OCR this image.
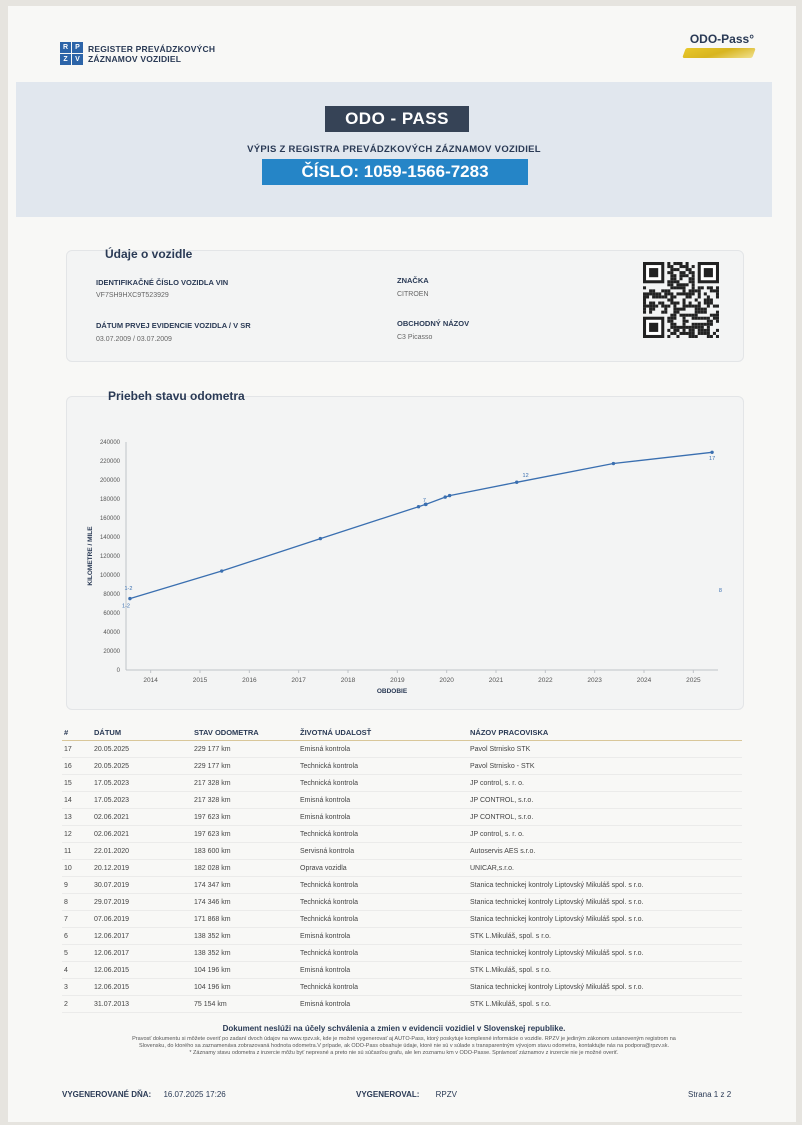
R	P
Z	V
REGISTER PREVÁDZKOVÝCH
ZÁZNAMOV VOZIDIEL
ODO-Pass°
ODO - PASS
VÝPIS Z REGISTRA PREVÁDZKOVÝCH ZÁZNAMOV VOZIDIEL
ČÍSLO: 1059-1566-7283
Údaje o vozidle
IDENTIFIKAČNÉ ČÍSLO VOZIDLA VIN
VF7SH9HXC9T523929
DÁTUM PRVEJ EVIDENCIE VOZIDLA / V SR
03.07.2009 / 03.07.2009
ZNAČKA
CITROEN
OBCHODNÝ NÁZOV
C3 Picasso
Priebeh stavu odometra
0
20000
40000
60000
80000
100000
120000
140000
160000
180000
200000
220000
240000
2014	2015	2016	2017	2018	2019	2020	2021	2022	2023	2024	2025
OBDOBIE
KILOMETRE / MILE
1-2
1-2
7
12
17
8
#	DÁTUM	STAV ODOMETRA	ŽIVOTNÁ UDALOSŤ	NÁZOV PRACOVISKA
17	20.05.2025	229 177 km	Emisná kontrola	Pavol Strnisko STK
16	20.05.2025	229 177 km	Technická kontrola	Pavol Strnisko - STK
15	17.05.2023	217 328 km	Technická kontrola	JP control, s. r. o.
14	17.05.2023	217 328 km	Emisná kontrola	JP CONTROL, s.r.o.
13	02.06.2021	197 623 km	Emisná kontrola	JP CONTROL, s.r.o.
12	02.06.2021	197 623 km	Technická kontrola	JP control, s. r. o.
11	22.01.2020	183 600 km	Servisná kontrola	Autoservis AES s.r.o.
10	20.12.2019	182 028 km	Oprava vozidla	UNICAR,s.r.o.
9	30.07.2019	174 347 km	Technická kontrola	Stanica technickej kontroly Liptovský Mikuláš spol. s r.o.
8	29.07.2019	174 346 km	Technická kontrola	Stanica technickej kontroly Liptovský Mikuláš spol. s r.o.
7	07.06.2019	171 868 km	Technická kontrola	Stanica technickej kontroly Liptovský Mikuláš spol. s r.o.
6	12.06.2017	138 352 km	Emisná kontrola	STK L.Mikuláš, spol. s r.o.
5	12.06.2017	138 352 km	Technická kontrola	Stanica technickej kontroly Liptovský Mikuláš spol. s r.o.
4	12.06.2015	104 196 km	Emisná kontrola	STK L.Mikuláš, spol. s r.o.
3	12.06.2015	104 196 km	Technická kontrola	Stanica technickej kontroly Liptovský Mikuláš spol. s r.o.
2	31.07.2013	75 154 km	Emisná kontrola	STK L.Mikuláš, spol. s r.o.
Dokument neslúži na účely schválenia a zmien v evidencii vozidiel v Slovenskej republike.
Pravosť dokumentu si môžete overiť po zadaní dvoch údajov na www.rpzv.sk, kde je možné vygenerovať aj AUTO-Pass, ktorý poskytuje komplexné informácie o vozidle. RPZV je jediným zákonom ustanoveným registrom na
Slovensku, do ktorého sa zaznamenáva zobrazovaná hodnota odometra.V prípade, ak ODO-Pass obsahuje údaje, ktoré nie sú v súlade s transparentným vývojom stavu odometra, kontaktujte nás na podpora@rpzv.sk.
* Záznamy stavu odometra z inzercie môžu byť nepresné a preto nie sú súčasťou grafu, ale len zoznamu km v ODO-Passe. Správnosť záznamov z inzercie nie je možné overiť.
VYGENEROVANÉ DŇA: 16.07.2025 17:26	VYGENEROVAL: RPZV	Strana 1 z 2
